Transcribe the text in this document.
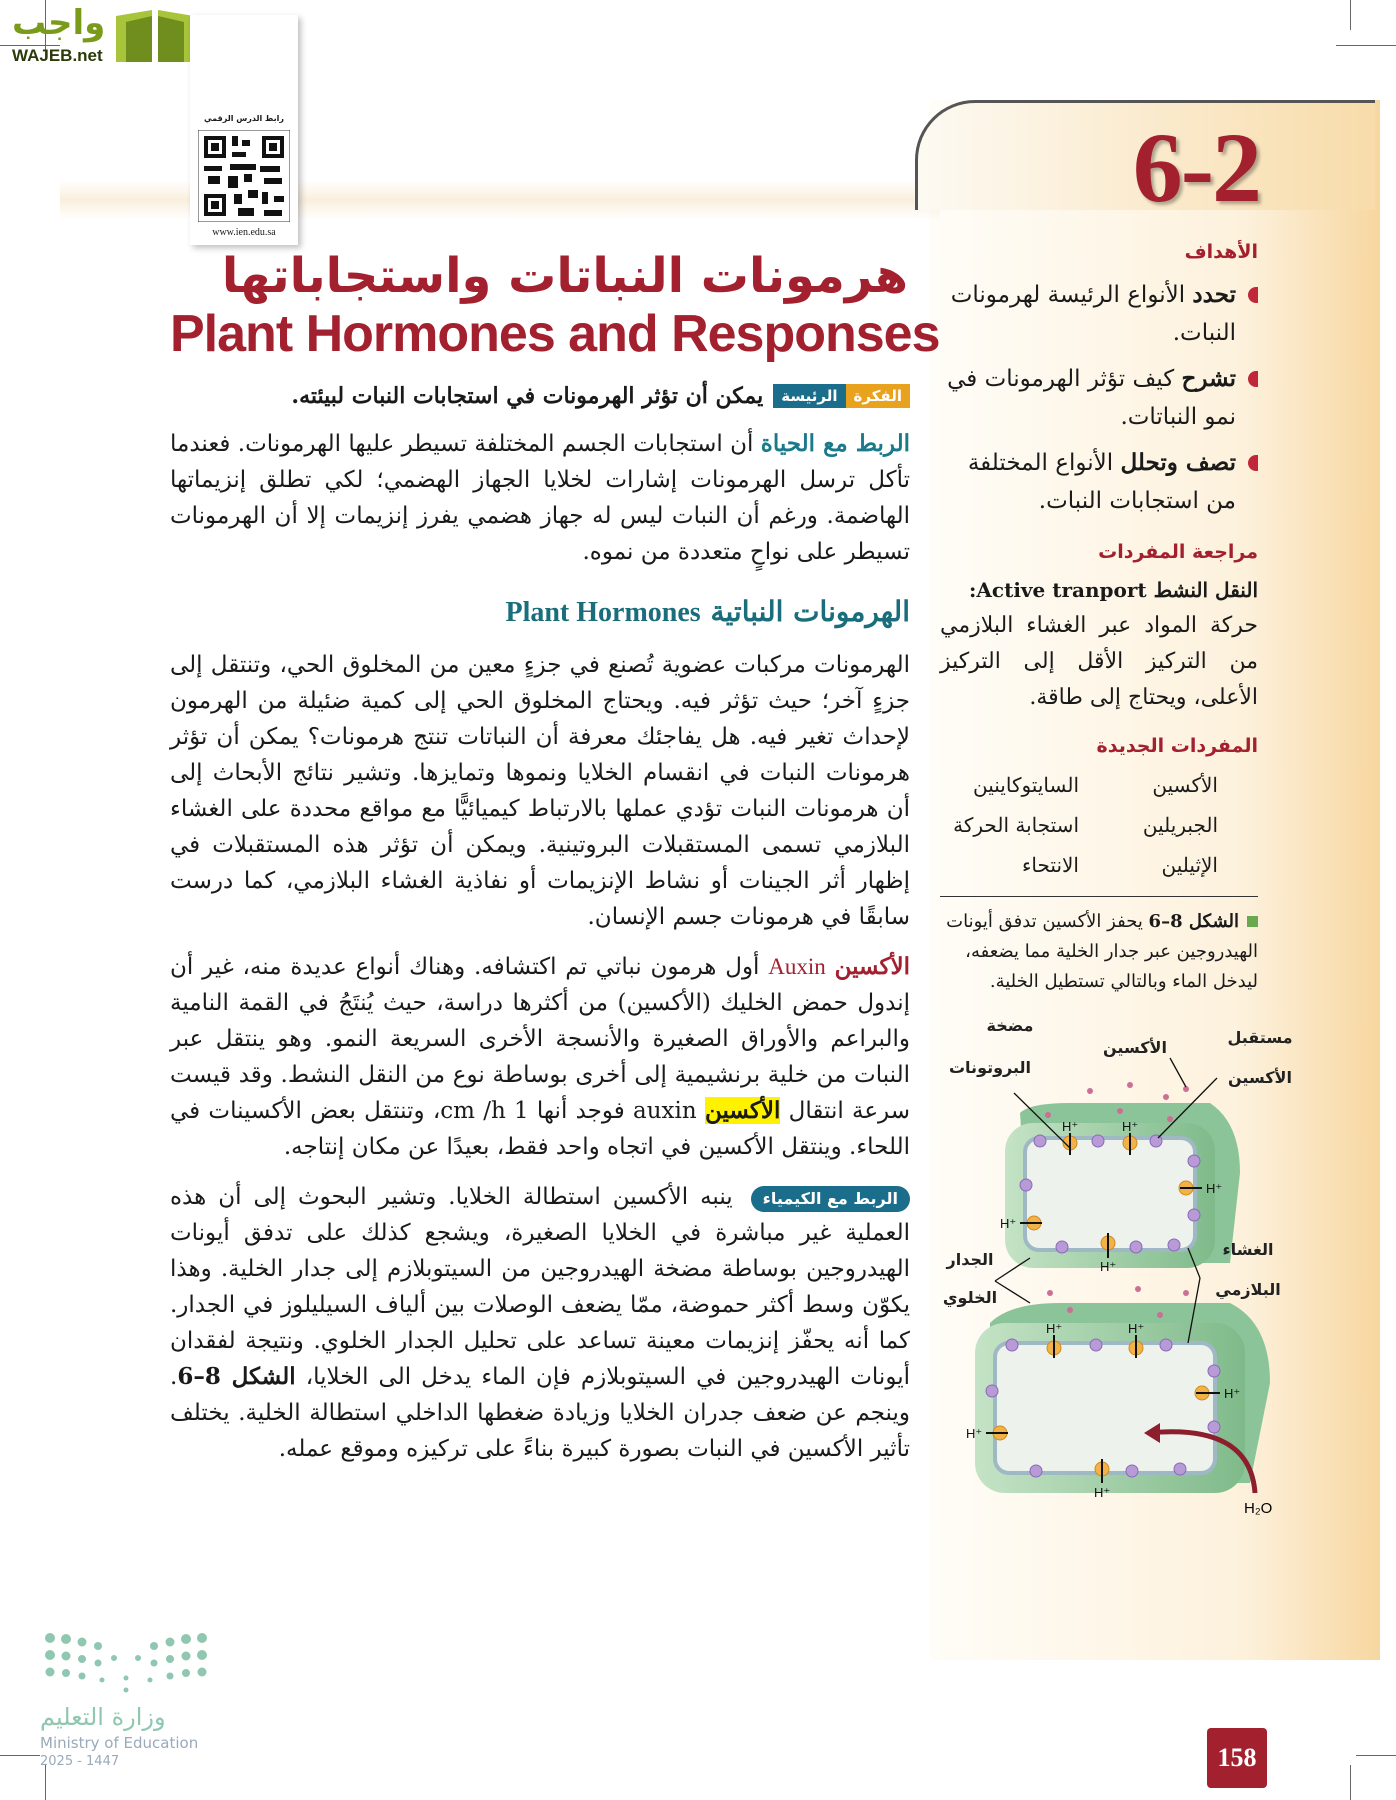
واجب
WAJEB.net
رابط الدرس الرقمي
www.ien.edu.sa
6-2
هرمونات النباتات واستجاباتها
Plant Hormones and Responses
الفكرة
الرئيسة
يمكن أن تؤثر الهرمونات في استجابات النبات لبيئته.

الربط مع الحياة أن استجابات الجسم المختلفة تسيطر عليها الهرمونات. فعندما تأكل ترسل الهرمونات إشارات لخلايا الجهاز الهضمي؛ لكي تطلق إنزيماتها الهاضمة. ورغم أن النبات ليس له جهاز هضمي يفرز إنزيمات إلا أن الهرمونات تسيطر على نواحٍ متعددة من نموه.

الهرمونات النباتية Plant Hormones

الهرمونات مركبات عضوية تُصنع في جزءٍ معين من المخلوق الحي، وتنتقل إلى جزءٍ آخر؛ حيث تؤثر فيه. ويحتاج المخلوق الحي إلى كمية ضئيلة من الهرمون لإحداث تغير فيه. هل يفاجئك معرفة أن النباتات تنتج هرمونات؟ يمكن أن تؤثر هرمونات النبات في انقسام الخلايا ونموها وتمايزها. وتشير نتائج الأبحاث إلى أن هرمونات النبات تؤدي عملها بالارتباط كيميائيًّا مع مواقع محددة على الغشاء البلازمي تسمى المستقبلات البروتينية. ويمكن أن تؤثر هذه المستقبلات في إظهار أثر الجينات أو نشاط الإنزيمات أو نفاذية الغشاء البلازمي، كما درست سابقًا في هرمونات جسم الإنسان.

الأكسين Auxin أول هرمون نباتي تم اكتشافه. وهناك أنواع عديدة منه، غير أن إندول حمض الخليك (الأكسين) من أكثرها دراسة، حيث يُنتَجُ في القمة النامية والبراعم والأوراق الصغيرة والأنسجة الأخرى السريعة النمو. وهو ينتقل عبر النبات من خلية برنشيمية إلى أخرى بوساطة نوع من النقل النشط. وقد قيست سرعة انتقال الأكسين auxin فوجد أنها 1 cm /h، وتنتقل بعض الأكسينات في اللحاء. وينتقل الأكسين في اتجاه واحد فقط، بعيدًا عن مكان إنتاجه.

الربط مع الكيمياء ينبه الأكسين استطالة الخلايا. وتشير البحوث إلى أن هذه العملية غير مباشرة في الخلايا الصغيرة، ويشجع كذلك على تدفق أيونات الهيدروجين بوساطة مضخة الهيدروجين من السيتوبلازم إلى جدار الخلية. وهذا يكوّن وسط أكثر حموضة، ممّا يضعف الوصلات بين ألياف السيليلوز في الجدار. كما أنه يحفّز إنزيمات معينة تساعد على تحليل الجدار الخلوي. ونتيجة لفقدان أيونات الهيدروجين في السيتوبلازم فإن الماء يدخل الى الخلايا، الشكل 8–6. وينجم عن ضعف جدران الخلايا وزيادة ضغطها الداخلي استطالة الخلية. يختلف تأثير الأكسين في النبات بصورة كبيرة بناءً على تركيزه وموقع عمله.

الأهداف
تحدد الأنواع الرئيسة لهرمونات النبات.
تشرح كيف تؤثر الهرمونات في نمو النباتات.
تصف وتحلل الأنواع المختلفة من استجابات النبات.
مراجعة المفردات
النقل النشط Active tranport:
حركة المواد عبر الغشاء البلازمي من التركيز الأقل إلى التركيز الأعلى، ويحتاج إلى طاقة.
المفردات الجديدة
الأكسين
السايتوكاينين
الجبريلين
استجابة الحركة
الإثيلين
الانتحاء
الشكل 8–6 يحفز الأكسين تدفق أيونات الهيدروجين عبر جدار الخلية مما يضعفه، ليدخل الماء وبالتالي تستطيل الخلية.
H⁺	H⁺
H⁺
H⁺
H⁺
H⁺	H⁺
H⁺
H⁺
H⁺
H₂O
مضخة
البروتونات
الأكسين
مستقبل
الأكسين
الغشاء
البلازمي
الجدار
الخلوي
158
وزارة التعليم
Ministry of Education
2025 - 1447
